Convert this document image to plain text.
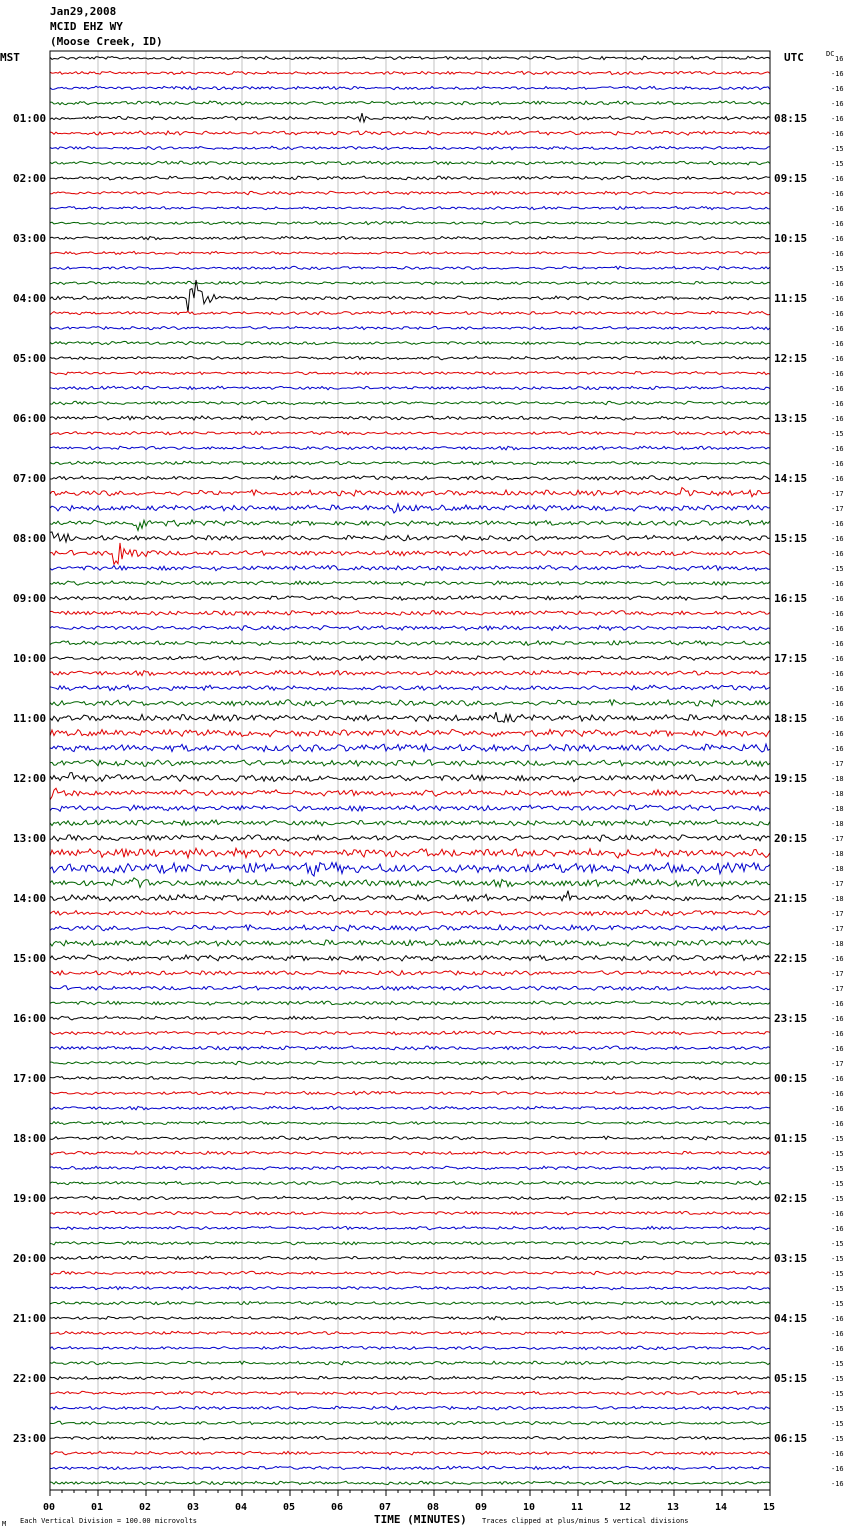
Jan29,2008
MCID EHZ WY
(Moose Creek, ID)
01:00
02:00
03:00
04:00
05:00
06:00
07:00
08:00
09:00
10:00
11:00
12:00
13:00
14:00
15:00
16:00
17:00
18:00
19:00
20:00
21:00
22:00
23:00
08:15
09:15
10:15
11:15
12:15
13:15
14:15
15:15
16:15
17:15
18:15
19:15
20:15
21:15
22:15
23:15
00:15
01:15
02:15
03:15
04:15
05:15
06:15
16
-16
-16
-16
-16
-16
-15
-15
-16
-16
-16
-16
-16
-16
-15
-16
-16
-16
-16
-16
-16
-16
-16
-16
-16
-15
-16
-16
-16
-17
-17
-16
-16
-16
-15
-16
-16
-16
-16
-16
-16
-16
-16
-16
-16
-16
-16
-17
-18
-18
-18
-18
-17
-18
-18
-17
-18
-17
-17
-18
-16
-17
-17
-16
-16
-16
-16
-17
-16
-16
-16
-16
-15
-15
-15
-15
-15
-16
-16
-15
-15
-15
-15
-15
-16
-16
-16
-15
-15
-15
-15
-15
-15
-16
-16
-16
00	01	02	03	04	05	06	07	08	09	10	11	12	13	14	15
MST	UTC	DC
TIME (MINUTES)
Each Vertical Division = 100.00 microvolts	Traces clipped at plus/minus 5 vertical divisions
M
